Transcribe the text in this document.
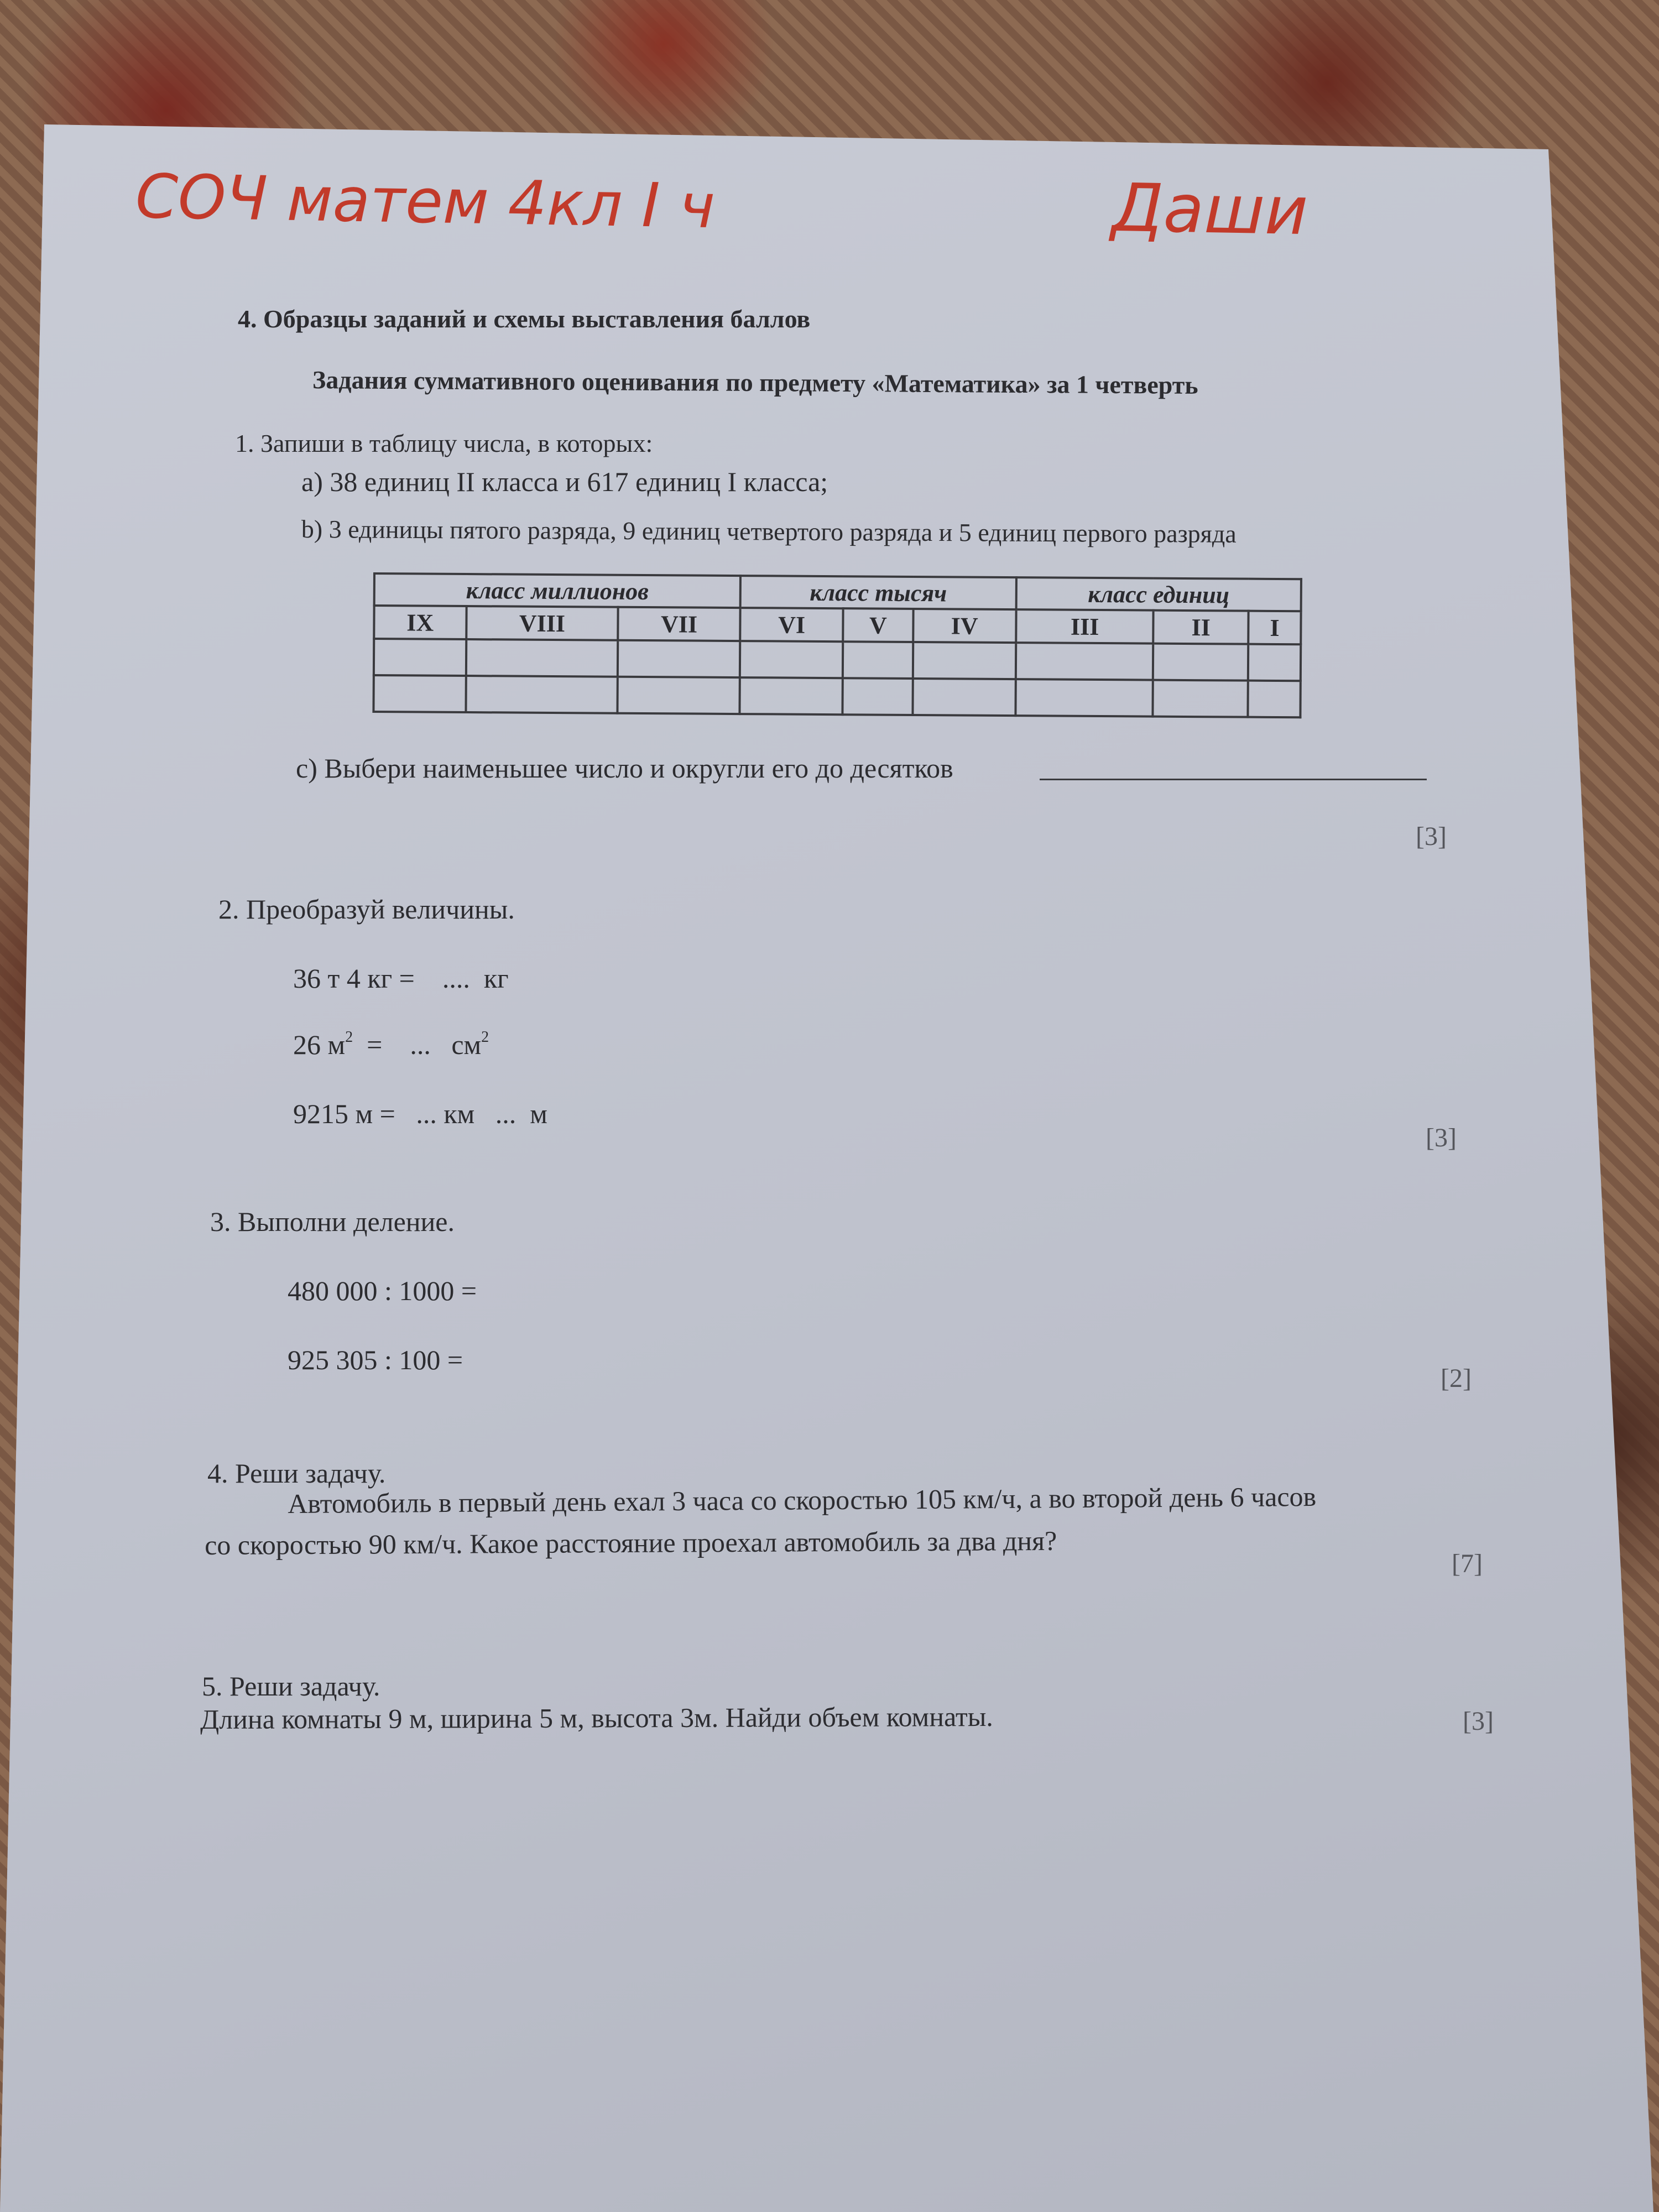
СОЧ матем 4кл I ч	Даши
4. Образцы заданий и схемы выставления баллов
Задания суммативного оценивания по предмету «Математика» за 1 четверть
1. Запиши в таблицу числа, в которых:
a) 38 единиц II класса и 617 единиц I класса;
b) 3 единицы пятого разряда, 9 единиц четвертого разряда и 5 единиц первого разряда
класс миллионов			класс тысяч			класс единиц		
IX	VIII	VII	VI	V	IV	III	II	I

c) Выбери наименьшее число и округли его до десятков
[3]
2. Преобразуй величины.
36 т 4 кг =    ....  кг
26 $м^2$  =    ...   $см^2$
9215 м =   ... км   ...  м
[3]
3. Выполни деление.
480 000 : 1000 =
925 305 : 100 =
[2]
4. Реши задачу.
Автомобиль в первый день ехал 3 часа со скоростью 105 км/ч, а во второй день 6 часов
со скоростью 90 км/ч. Какое расстояние проехал автомобиль за два дня?
[7]
5. Реши задачу.
Длина комнаты 9 м, ширина 5 м, высота 3м. Найди объем комнаты.	[3]
